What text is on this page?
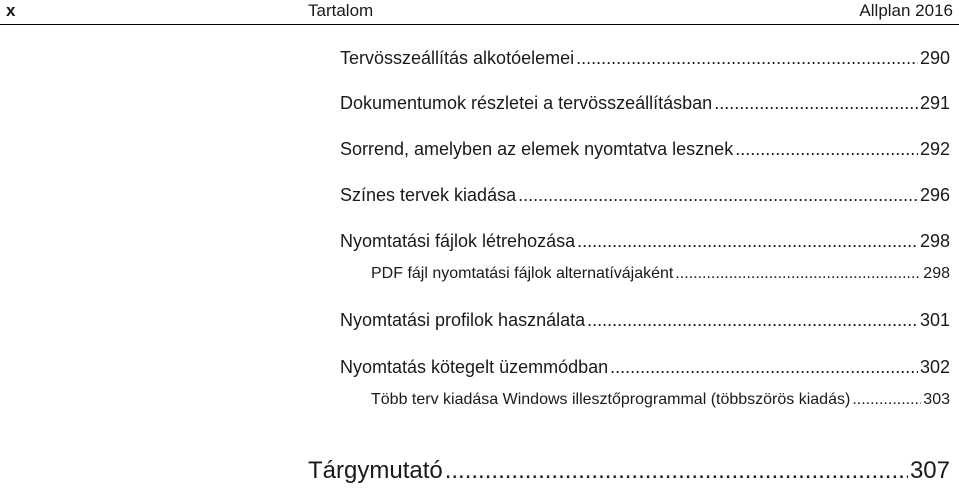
x	Tartalom	Allplan 2016
Tervösszeállítás alkotóelemei .....	290
Dokumentumok részletei a tervösszeállításban .....	291
Sorrend, amelyben az elemek nyomtatva lesznek .....	292
Színes tervek kiadása .....	296
Nyomtatási fájlok létrehozása .....	298
PDF fájl nyomtatási fájlok alternatívájaként .....	298
Nyomtatási profilok használata .....	301
Nyomtatás kötegelt üzemmódban .....	302
Több terv kiadása Windows illesztőprogrammal (többszörös kiadás) .....	303
Tárgymutató .....	307
